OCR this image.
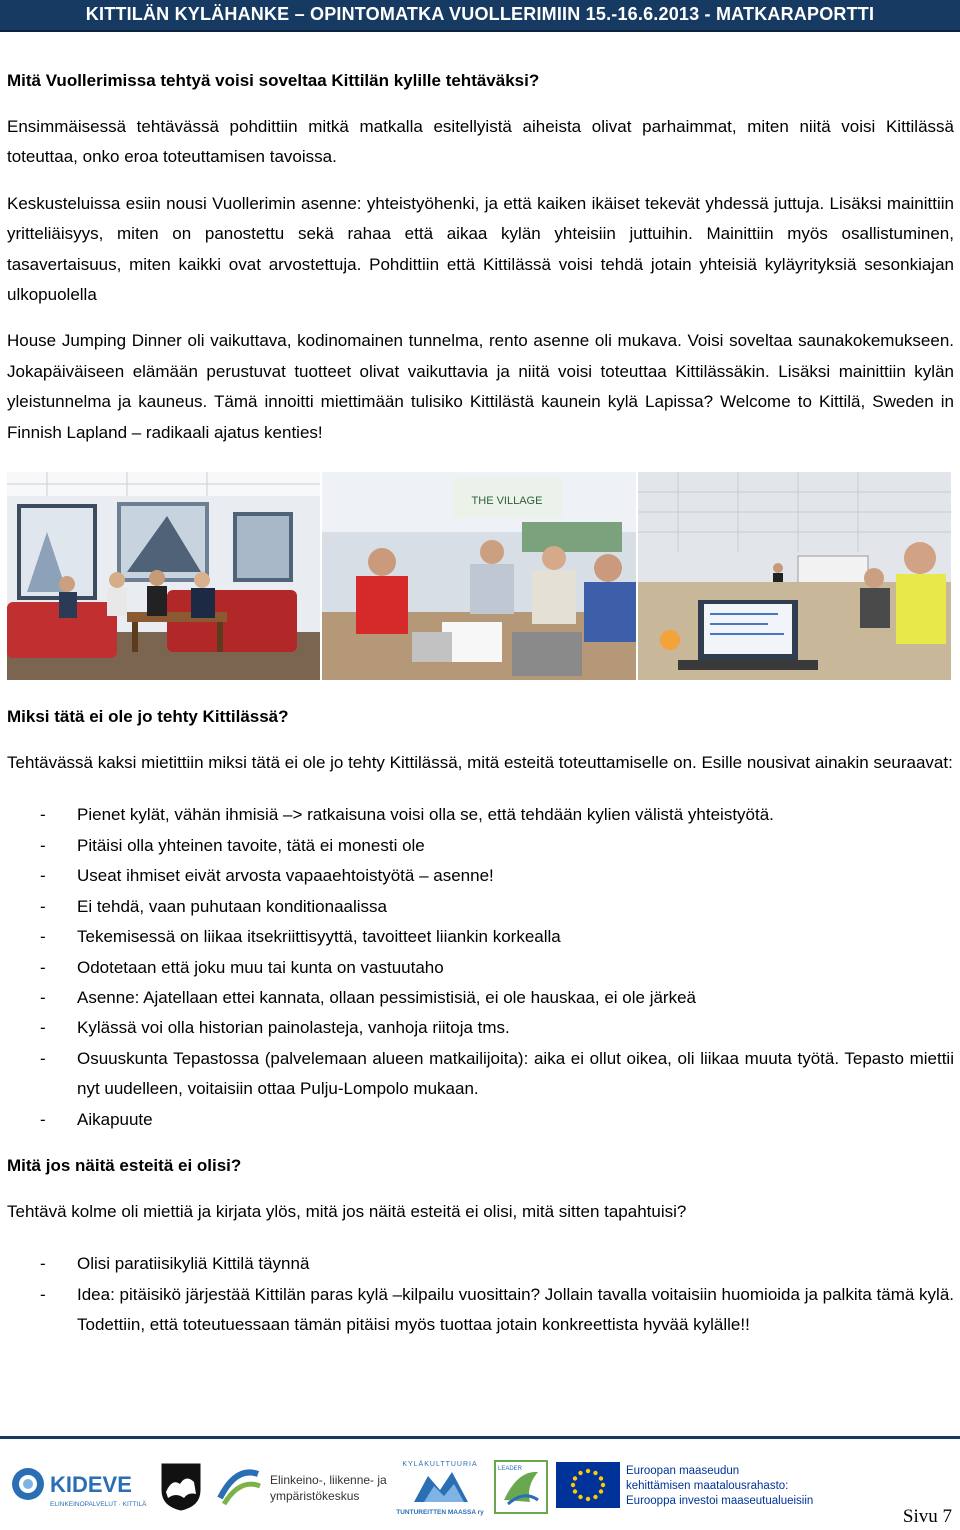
KITTILÄN KYLÄHANKE – OPINTOMATKA VUOLLERIMIIN 15.-16.6.2013 - MATKARAPORTTI

Mitä Vuollerimissa tehtyä voisi soveltaa Kittilän kylille tehtäväksi?

Ensimmäisessä tehtävässä pohdittiin mitkä matkalla esitellyistä aiheista olivat parhaimmat, miten niitä voisi Kittilässä toteuttaa, onko eroa toteuttamisen tavoissa.

Keskusteluissa esiin nousi Vuollerimin asenne: yhteistyöhenki, ja että kaiken ikäiset tekevät yhdessä juttuja. Lisäksi mainittiin yritteliäisyys, miten on panostettu sekä rahaa että aikaa kylän yhteisiin juttuihin. Mainittiin myös osallistuminen, tasavertaisuus, miten kaikki ovat arvostettuja. Pohdittiin että Kittilässä voisi tehdä jotain yhteisiä kyläyrityksiä sesonkiajan ulkopuolella

House Jumping Dinner oli vaikuttava, kodinomainen tunnelma, rento asenne oli mukava. Voisi soveltaa saunakokemukseen. Jokapäiväiseen elämään perustuvat tuotteet olivat vaikuttavia ja niitä voisi toteuttaa Kittilässäkin. Lisäksi mainittiin kylän yleistunnelma ja kauneus. Tämä innoitti miettimään tulisiko Kittilästä kaunein kylä Lapissa? Welcome to Kittilä, Sweden in Finnish Lapland – radikaali ajatus kenties!

THE VILLAGE

Miksi tätä ei ole jo tehty Kittilässä?

Tehtävässä kaksi mietittiin miksi tätä ei ole jo tehty Kittilässä, mitä esteitä toteuttamiselle on. Esille nousivat ainakin seuraavat:

- Pienet kylät, vähän ihmisiä –> ratkaisuna voisi olla se, että tehdään kylien välistä yhteistyötä.
- Pitäisi olla yhteinen tavoite, tätä ei monesti ole
- Useat ihmiset eivät arvosta vapaaehtoistyötä – asenne!
- Ei tehdä, vaan puhutaan konditionaalissa
- Tekemisessä on liikaa itsekriittisyyttä, tavoitteet liiankin korkealla
- Odotetaan että joku muu tai kunta on vastuutaho
- Asenne: Ajatellaan ettei kannata, ollaan pessimistisiä, ei ole hauskaa, ei ole järkeä
- Kylässä voi olla historian painolasteja, vanhoja riitoja tms.
- Osuuskunta Tepastossa (palvelemaan alueen matkailijoita): aika ei ollut oikea, oli liikaa muuta työtä. Tepasto miettii nyt uudelleen, voitaisiin ottaa Pulju-Lompolo mukaan.
- Aikapuute

Mitä jos näitä esteitä ei olisi?

Tehtävä kolme oli miettiä ja kirjata ylös, mitä jos näitä esteitä ei olisi, mitä sitten tapahtuisi?

- Olisi paratiisikyliä Kittilä täynnä
- Idea: pitäisikö järjestää Kittilän paras kylä –kilpailu vuosittain? Jollain tavalla voitaisiin huomioida ja palkita tämä kylä. Todettiin, että toteutuessaan tämän pitäisi myös tuottaa jotain konkreettista hyvää kylälle!!
KIDEVE
ELINKEINOPALVELUT · KITTILÄ
Elinkeino-, liikenne- ja
ympäristökeskus
KYLÄKULTTUURIA
TUNTUREITTEN MAASSA ry
LEADER	Euroopan maaseudun
kehittämisen maatalousrahasto:
Eurooppa investoi maaseutualueisiin
Sivu 7
